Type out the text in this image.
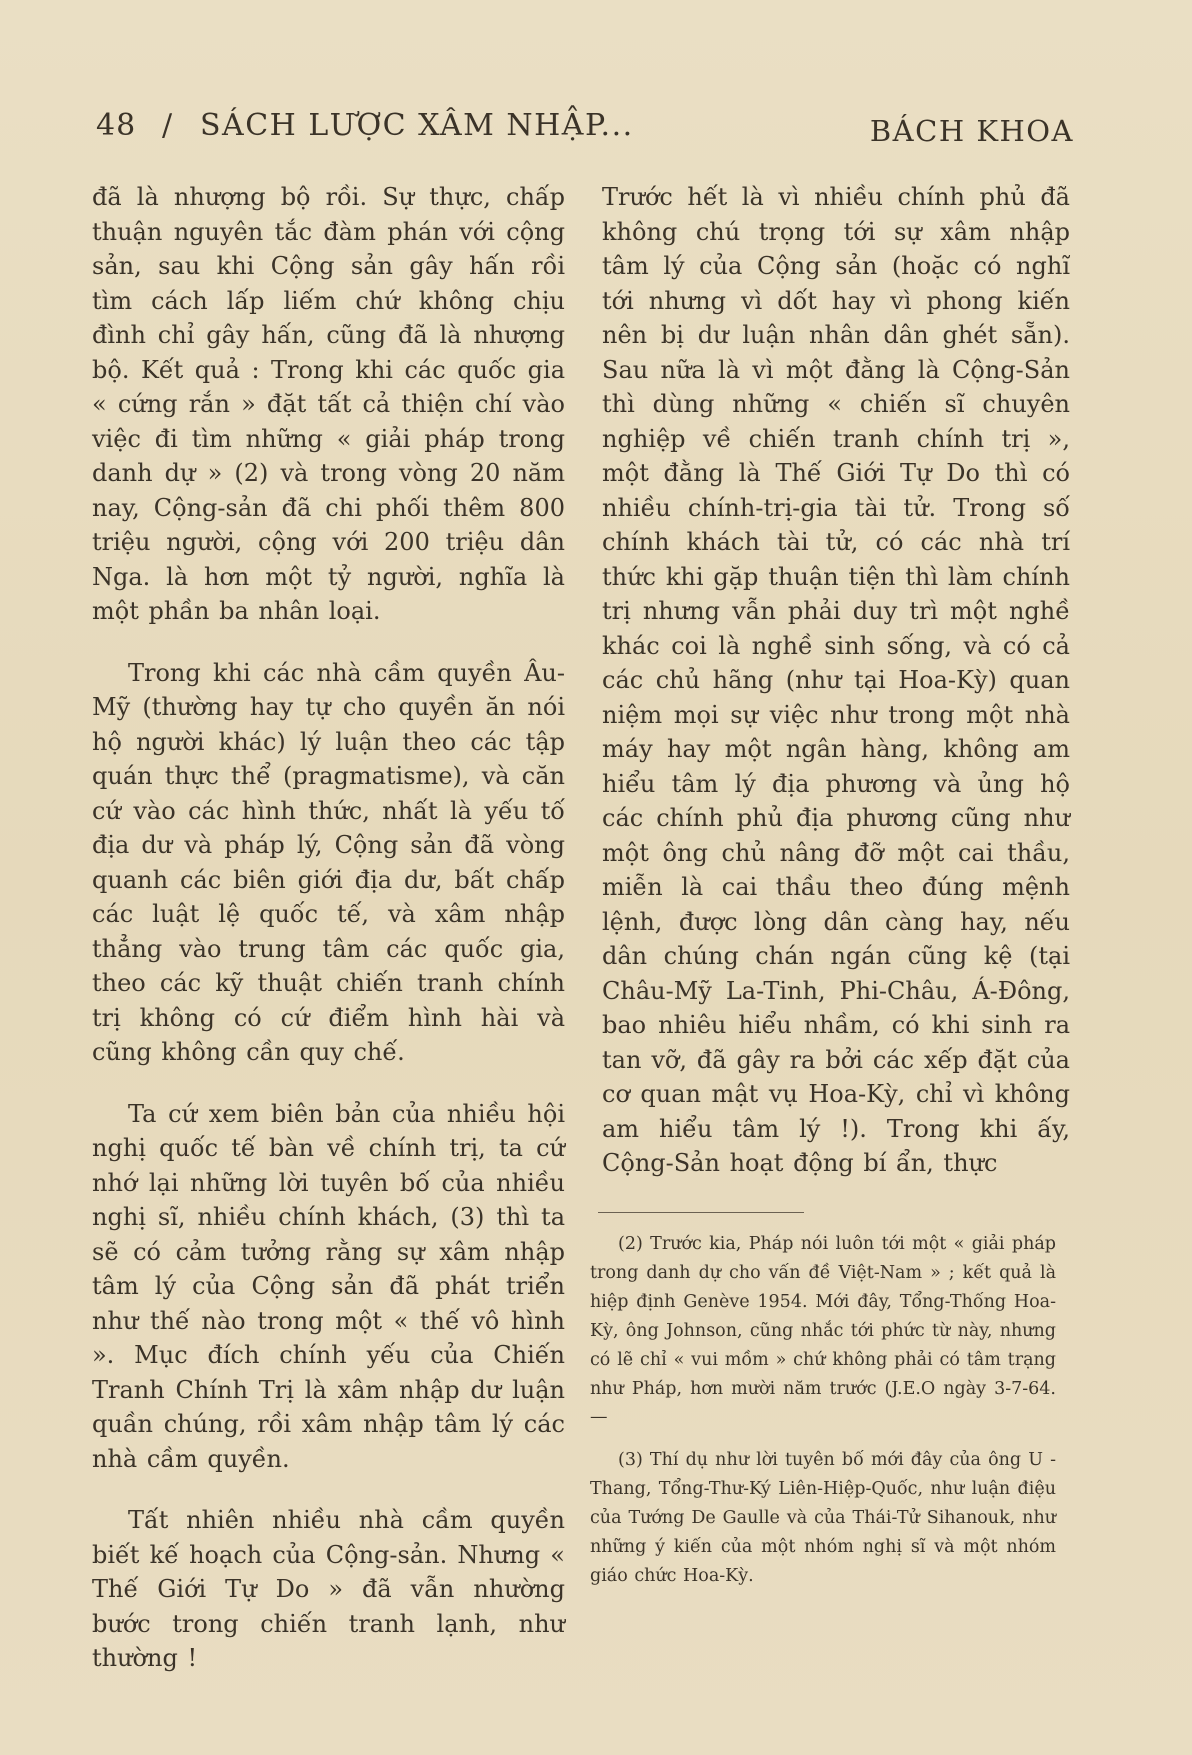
48 / SÁCH LƯỢC XÂM NHẬP...	BÁCH KHOA

đã là nhượng bộ rồi. Sự thực, chấp thuận nguyên tắc đàm phán với cộng sản, sau khi Cộng sản gây hấn rồi tìm cách lấp liếm chứ không chịu đình chỉ gây hấn, cũng đã là nhượng bộ. Kết quả : Trong khi các quốc gia « cứng rắn » đặt tất cả thiện chí vào việc đi tìm những « giải pháp trong danh dự » (2) và trong vòng 20 năm nay, Cộng-sản đã chi phối thêm 800 triệu người, cộng với 200 triệu dân Nga. là hơn một tỷ người, nghĩa là một phần ba nhân loại.

Trong khi các nhà cầm quyền Âu-Mỹ (thường hay tự cho quyền ăn nói hộ người khác) lý luận theo các tập quán thực thể (pragmatisme), và căn cứ vào các hình thức, nhất là yếu tố địa dư và pháp lý, Cộng sản đã vòng quanh các biên giới địa dư, bất chấp các luật lệ quốc tế, và xâm nhập thẳng vào trung tâm các quốc gia, theo các kỹ thuật chiến tranh chính trị không có cứ điểm hình hài và cũng không cần quy chế.

Ta cứ xem biên bản của nhiều hội nghị quốc tế bàn về chính trị, ta cứ nhớ lại những lời tuyên bố của nhiều nghị sĩ, nhiều chính khách, (3) thì ta sẽ có cảm tưởng rằng sự xâm nhập tâm lý của Cộng sản đã phát triển như thế nào trong một « thế vô hình ». Mục đích chính yếu của Chiến Tranh Chính Trị là xâm nhập dư luận quần chúng, rồi xâm nhập tâm lý các nhà cầm quyền.

Tất nhiên nhiều nhà cầm quyền biết kế hoạch của Cộng-sản. Nhưng « Thế Giới Tự Do » đã vẫn nhường bước trong chiến tranh lạnh, như thường !

Trước hết là vì nhiều chính phủ đã không chú trọng tới sự xâm nhập tâm lý của Cộng sản (hoặc có nghĩ tới nhưng vì dốt hay vì phong kiến nên bị dư luận nhân dân ghét sẵn). Sau nữa là vì một đằng là Cộng-Sản thì dùng những « chiến sĩ chuyên nghiệp về chiến tranh chính trị », một đằng là Thế Giới Tự Do thì có nhiều chính-trị-gia tài tử. Trong số chính khách tài tử, có các nhà trí thức khi gặp thuận tiện thì làm chính trị nhưng vẫn phải duy trì một nghề khác coi là nghề sinh sống, và có cả các chủ hãng (như tại Hoa-Kỳ) quan niệm mọi sự việc như trong một nhà máy hay một ngân hàng, không am hiểu tâm lý địa phương và ủng hộ các chính phủ địa phương cũng như một ông chủ nâng đỡ một cai thầu, miễn là cai thầu theo đúng mệnh lệnh, được lòng dân càng hay, nếu dân chúng chán ngán cũng kệ (tại Châu-Mỹ La-Tinh, Phi-Châu, Á-Đông, bao nhiêu hiểu nhầm, có khi sinh ra tan vỡ, đã gây ra bởi các xếp đặt của cơ quan mật vụ Hoa-Kỳ, chỉ vì không am hiểu tâm lý !). Trong khi ấy, Cộng-Sản hoạt động bí ẩn, thực

(2) Trước kia, Pháp nói luôn tới một « giải pháp trong danh dự cho vấn đề Việt-Nam » ; kết quả là hiệp định Genève 1954. Mới đây, Tổng-Thống Hoa-Kỳ, ông Johnson, cũng nhắc tới phức từ này, nhưng có lẽ chỉ « vui mồm » chứ không phải có tâm trạng như Pháp, hơn mười năm trước (J.E.O ngày 3-7-64.—

(3) Thí dụ như lời tuyên bố mới đây của ông U - Thang, Tổng-Thư-Ký Liên-Hiệp-Quốc, như luận điệu của Tướng De Gaulle và của Thái-Tử Sihanouk, như những ý kiến của một nhóm nghị sĩ và một nhóm giáo chức Hoa-Kỳ.
